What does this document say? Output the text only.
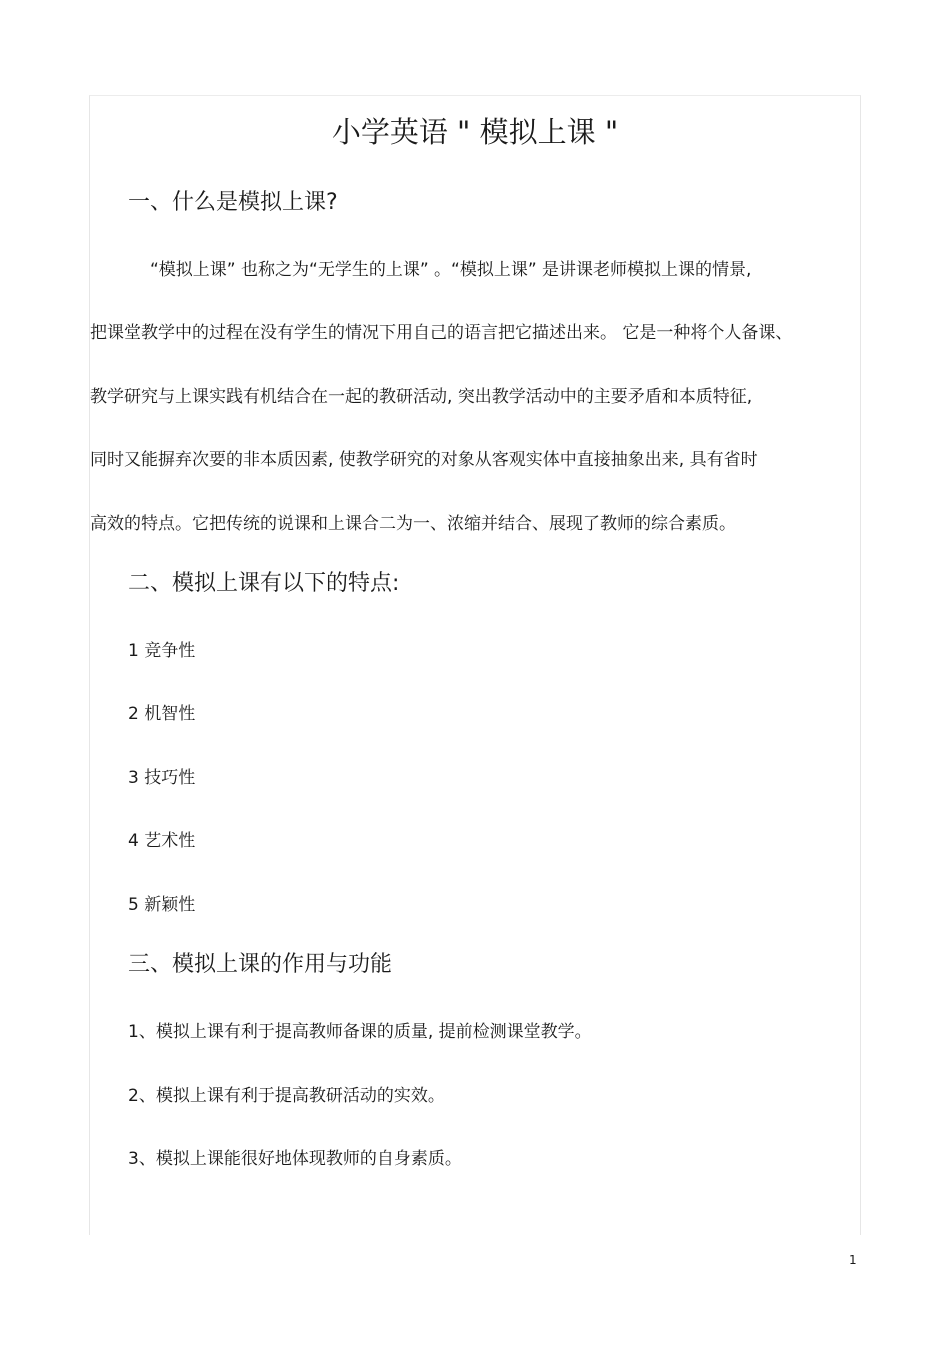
小学英语 " 模拟上课 "
一、什么是模拟上课?
“模拟上课” 也称之为“无学生的上课” 。“模拟上课” 是讲课老师模拟上课的情景,
把课堂教学中的过程在没有学生的情况下用自己的语言把它描述出来。 它是一种将个人备课、
教学研究与上课实践有机结合在一起的教研活动, 突出教学活动中的主要矛盾和本质特征,
同时又能摒弃次要的非本质因素, 使教学研究的对象从客观实体中直接抽象出来, 具有省时
高效的特点。它把传统的说课和上课合二为一、浓缩并结合、展现了教师的综合素质。
二、模拟上课有以下的特点:
1 竞争性
2 机智性
3 技巧性
4 艺术性
5 新颖性
三、模拟上课的作用与功能
1、模拟上课有利于提高教师备课的质量, 提前检测课堂教学。
2、模拟上课有利于提高教研活动的实效。
3、模拟上课能很好地体现教师的自身素质。
1
